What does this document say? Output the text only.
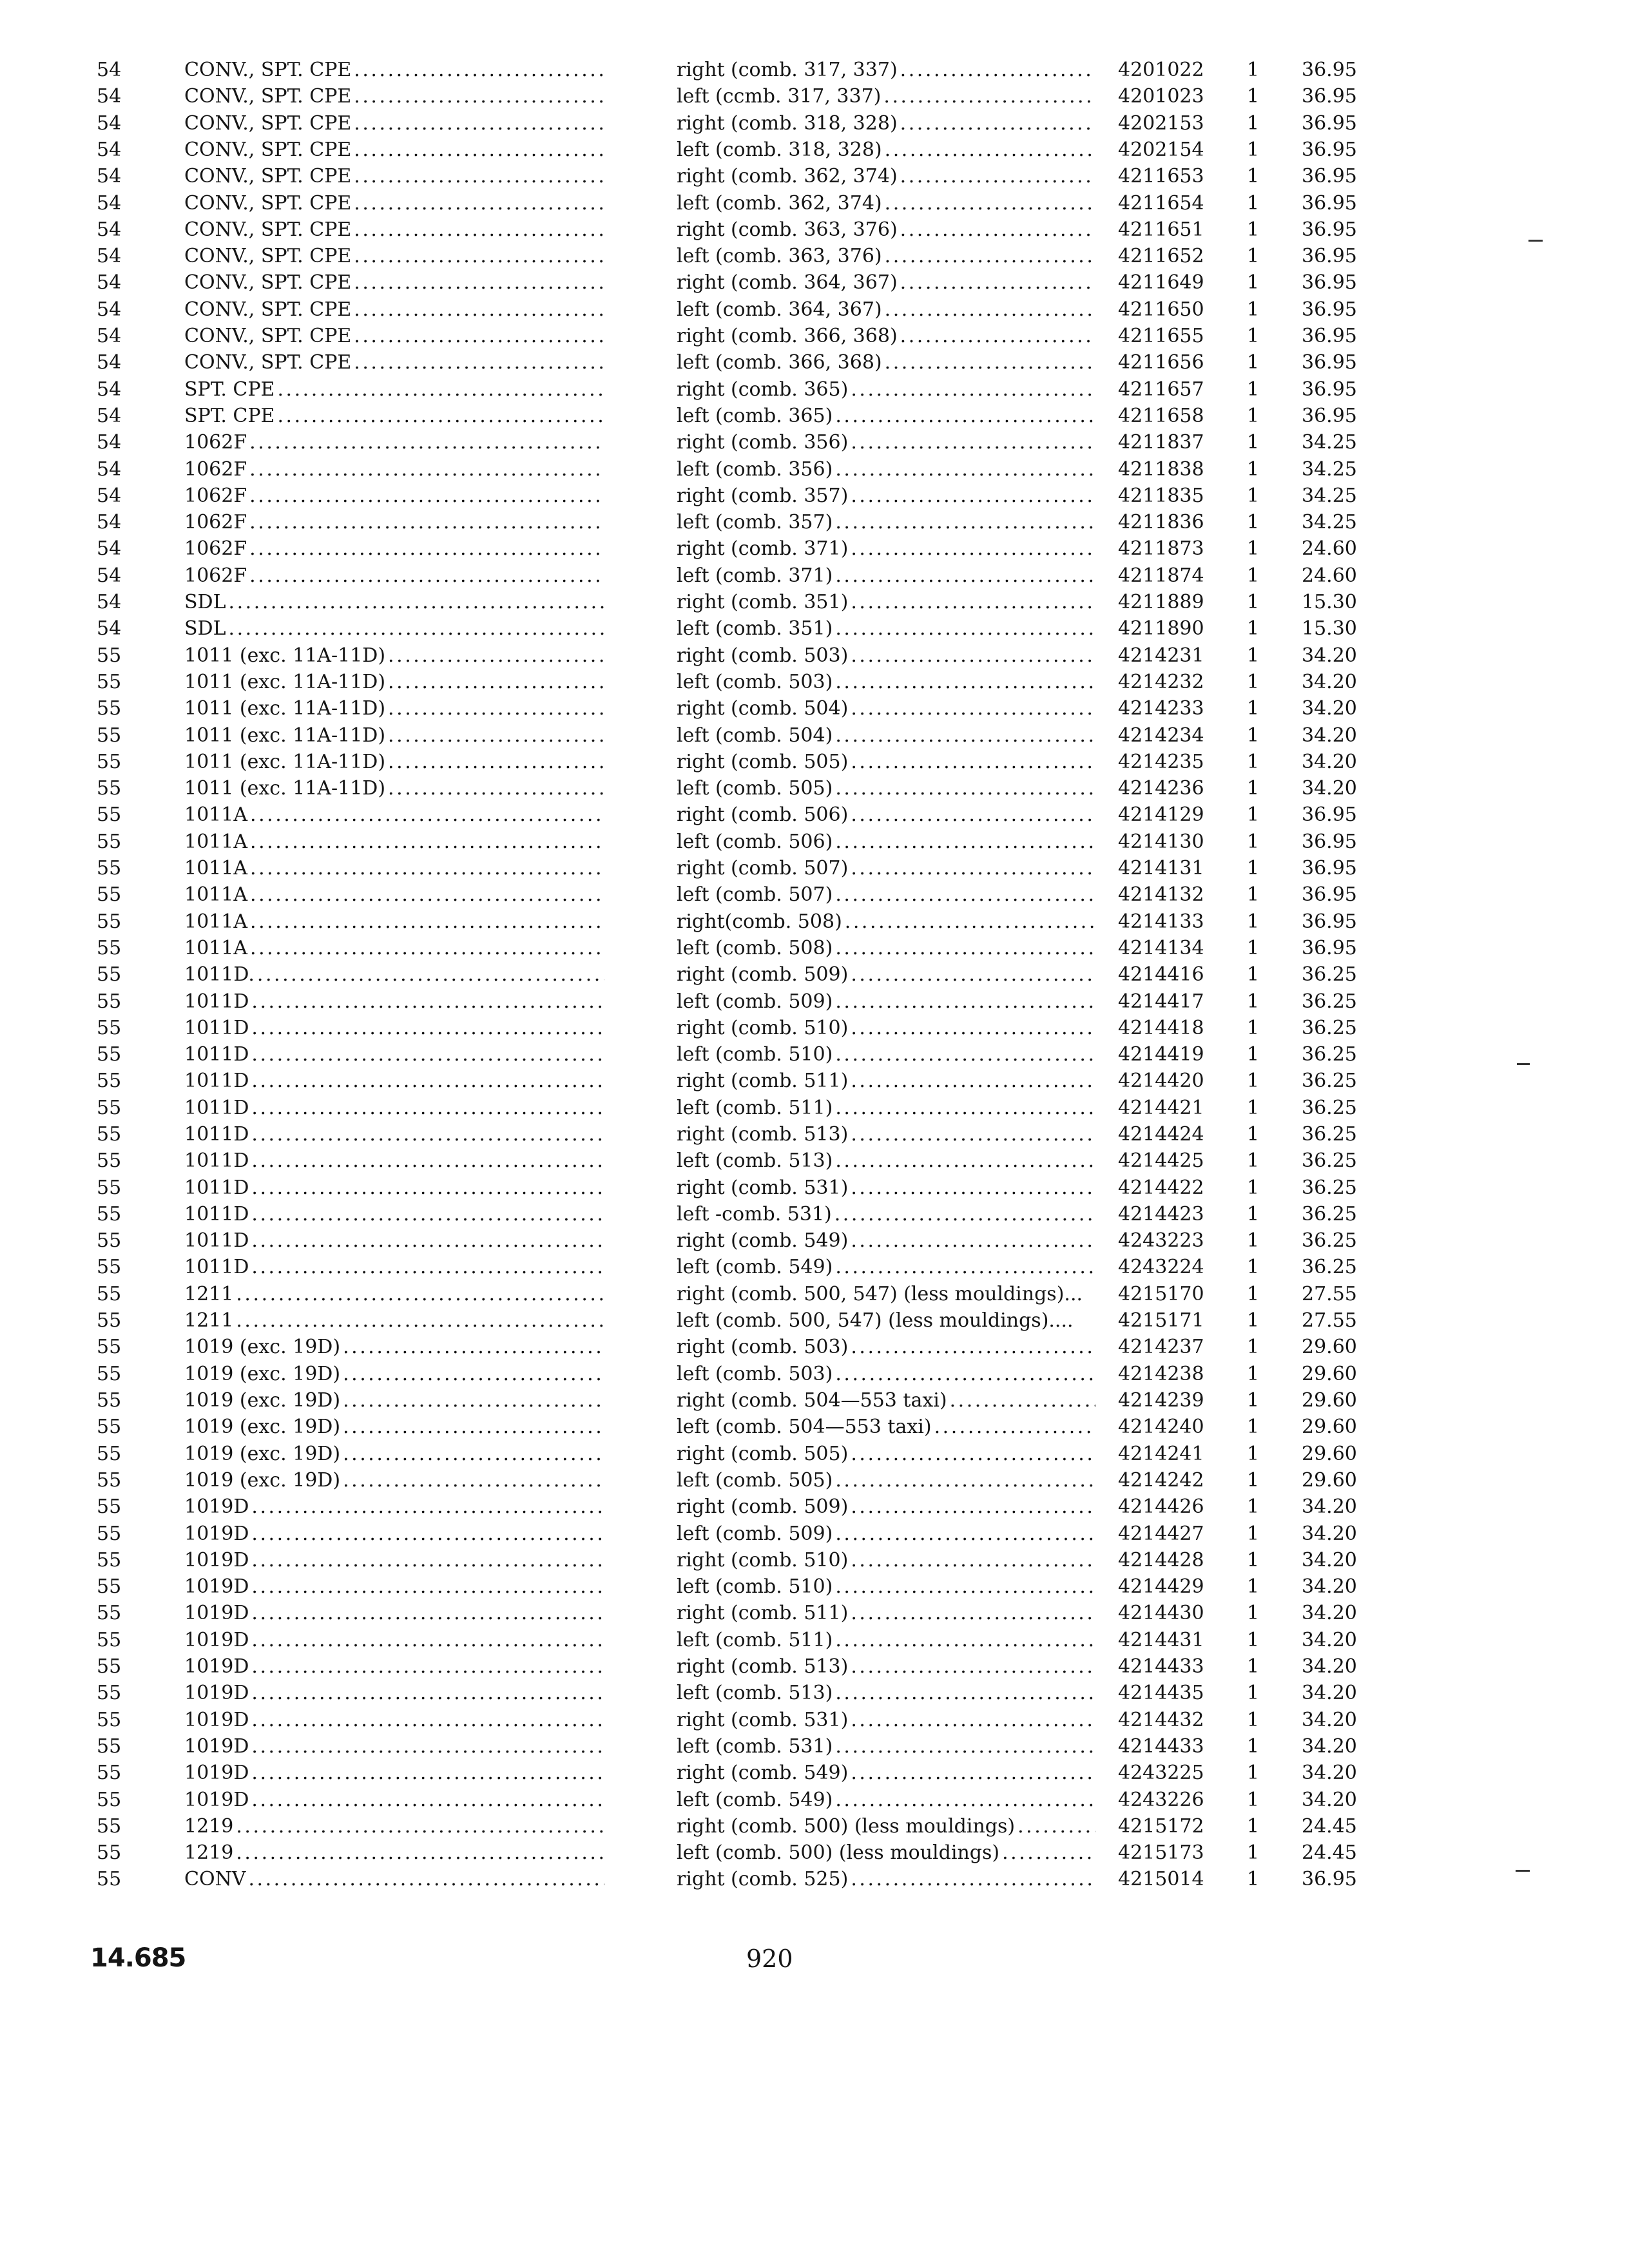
54	CONV., SPT. CPE . . .	right (comb. 317, 337) . . .	4201022	1	36.95
54	CONV., SPT. CPE . . .	left (ccmb. 317, 337) . . .	4201023	1	36.95
54	CONV., SPT. CPE . . .	right (comb. 318, 328) . . .	4202153	1	36.95
54	CONV., SPT. CPE . . .	left (comb. 318, 328) . . .	4202154	1	36.95
54	CONV., SPT. CPE . . .	right (comb. 362, 374) . . .	4211653	1	36.95
54	CONV., SPT. CPE . . .	left (comb. 362, 374) . . .	4211654	1	36.95
54	CONV., SPT. CPE . . .	right (comb. 363, 376) . . .	4211651	1	36.95
54	CONV., SPT. CPE . . .	left (comb. 363, 376) . . .	4211652	1	36.95
54	CONV., SPT. CPE . . .	right (comb. 364, 367) . . .	4211649	1	36.95
54	CONV., SPT. CPE . . .	left (comb. 364, 367) . . .	4211650	1	36.95
54	CONV., SPT. CPE . . .	right (comb. 366, 368) . . .	4211655	1	36.95
54	CONV., SPT. CPE . . .	left (comb. 366, 368) . . .	4211656	1	36.95
54	SPT. CPE . . .	right (comb. 365) . . .	4211657	1	36.95
54	SPT. CPE . . .	left (comb. 365) . . .	4211658	1	36.95
54	1062F . . .	right (comb. 356) . . .	4211837	1	34.25
54	1062F . . .	left (comb. 356) . . .	4211838	1	34.25
54	1062F . . .	right (comb. 357) . . .	4211835	1	34.25
54	1062F . . .	left (comb. 357) . . .	4211836	1	34.25
54	1062F . . .	right (comb. 371) . . .	4211873	1	24.60
54	1062F . . .	left (comb. 371) . . .	4211874	1	24.60
54	SDL . . .	right (comb. 351) . . .	4211889	1	15.30
54	SDL . . .	left (comb. 351) . . .	4211890	1	15.30
55	1011 (exc. 11A-11D) . . .	right (comb. 503) . . .	4214231	1	34.20
55	1011 (exc. 11A-11D) . . .	left (comb. 503) . . .	4214232	1	34.20
55	1011 (exc. 11A-11D) . . .	right (comb. 504) . . .	4214233	1	34.20
55	1011 (exc. 11A-11D) . . .	left (comb. 504) . . .	4214234	1	34.20
55	1011 (exc. 11A-11D) . . .	right (comb. 505) . . .	4214235	1	34.20
55	1011 (exc. 11A-11D) . . .	left (comb. 505) . . .	4214236	1	34.20
55	1011A . . .	right (comb. 506) . . .	4214129	1	36.95
55	1011A . . .	left (comb. 506) . . .	4214130	1	36.95
55	1011A . . .	right (comb. 507) . . .	4214131	1	36.95
55	1011A . . .	left (comb. 507) . . .	4214132	1	36.95
55	1011A . . .	right(comb. 508) . . .	4214133	1	36.95
55	1011A . . .	left (comb. 508) . . .	4214134	1	36.95
55	1011D. . . .	right (comb. 509) . . .	4214416	1	36.25
55	1011D . . .	left (comb. 509) . . .	4214417	1	36.25
55	1011D . . .	right (comb. 510) . . .	4214418	1	36.25
55	1011D . . .	left (comb. 510) . . .	4214419	1	36.25
55	1011D . . .	right (comb. 511) . . .	4214420	1	36.25
55	1011D . . .	left (comb. 511) . . .	4214421	1	36.25
55	1011D . . .	right (comb. 513) . . .	4214424	1	36.25
55	1011D . . .	left (comb. 513) . . .	4214425	1	36.25
55	1011D . . .	right (comb. 531) . . .	4214422	1	36.25
55	1011D . . .	left -comb. 531) . . .	4214423	1	36.25
55	1011D . . .	right (comb. 549) . . .	4243223	1	36.25
55	1011D . . .	left (comb. 549) . . .	4243224	1	36.25
55	1211 . . .	right (comb. 500, 547) (less mouldings)...	4215170	1	27.55
55	1211 . . .	left (comb. 500, 547) (less mouldings)....	4215171	1	27.55
55	1019 (exc. 19D) . . .	right (comb. 503) . . .	4214237	1	29.60
55	1019 (exc. 19D) . . .	left (comb. 503) . . .	4214238	1	29.60
55	1019 (exc. 19D) . . .	right (comb. 504—553 taxi) . . .	4214239	1	29.60
55	1019 (exc. 19D) . . .	left (comb. 504—553 taxi) . . .	4214240	1	29.60
55	1019 (exc. 19D) . . .	right (comb. 505) . . .	4214241	1	29.60
55	1019 (exc. 19D) . . .	left (comb. 505) . . .	4214242	1	29.60
55	1019D . . .	right (comb. 509) . . .	4214426	1	34.20
55	1019D . . .	left (comb. 509) . . .	4214427	1	34.20
55	1019D . . .	right (comb. 510) . . .	4214428	1	34.20
55	1019D . . .	left (comb. 510) . . .	4214429	1	34.20
55	1019D . . .	right (comb. 511) . . .	4214430	1	34.20
55	1019D . . .	left (comb. 511) . . .	4214431	1	34.20
55	1019D . . .	right (comb. 513) . . .	4214433	1	34.20
55	1019D . . .	left (comb. 513) . . .	4214435	1	34.20
55	1019D . . .	right (comb. 531) . . .	4214432	1	34.20
55	1019D . . .	left (comb. 531) . . .	4214433	1	34.20
55	1019D . . .	right (comb. 549) . . .	4243225	1	34.20
55	1019D . . .	left (comb. 549) . . .	4243226	1	34.20
55	1219 . . .	right (comb. 500) (less mouldings) . . .	4215172	1	24.45
55	1219 . . .	left (comb. 500) (less mouldings) . . .	4215173	1	24.45
55	CONV . . .	right (comb. 525) . . .	4215014	1	36.95
14.685	920
